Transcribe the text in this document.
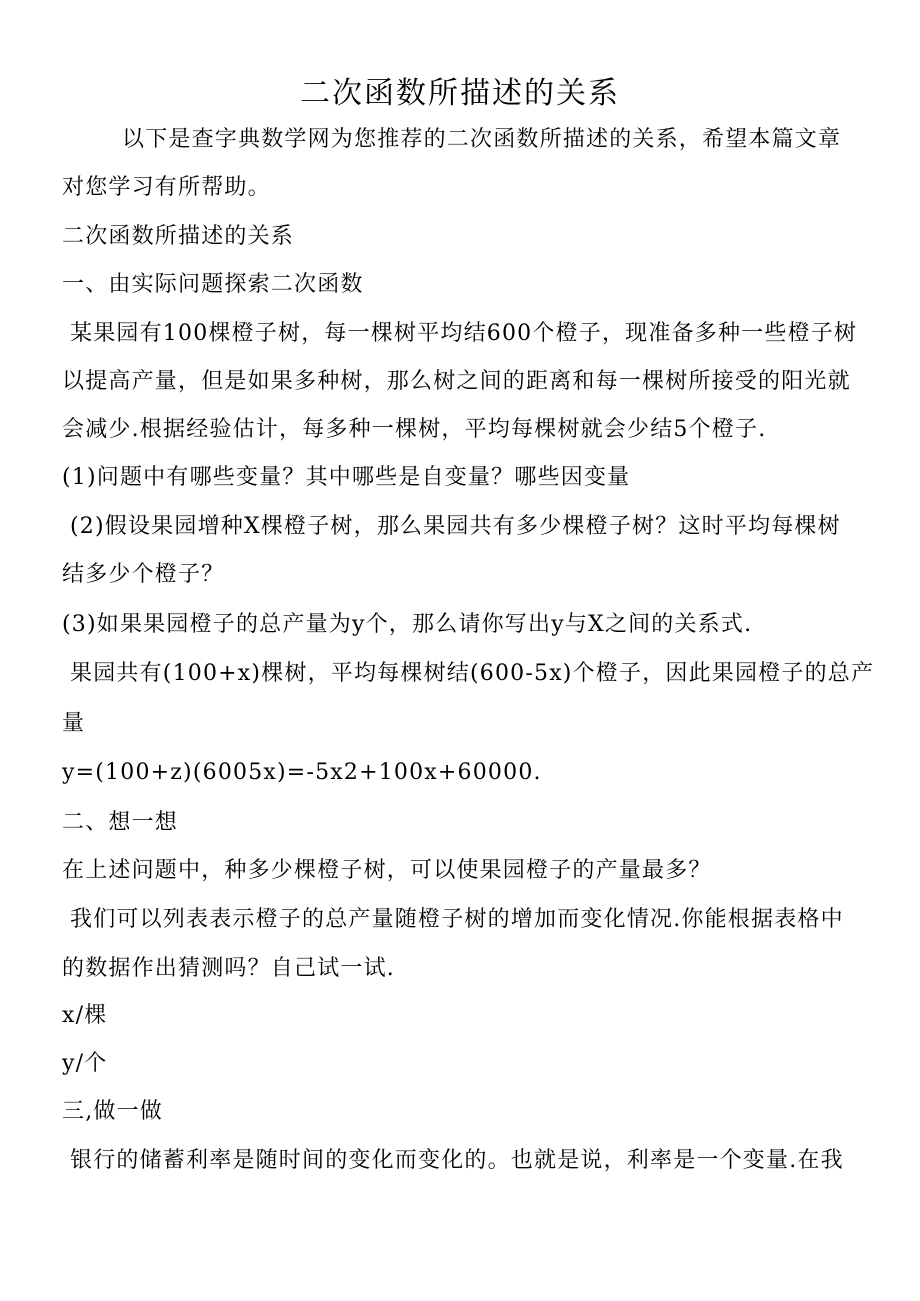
二次函数所描述的关系
以下是查字典数学网为您推荐的二次函数所描述的关系，希望本篇文章
对您学习有所帮助。
二次函数所描述的关系
一、由实际问题探索二次函数
某果园有100棵橙子树，每一棵树平均结600个橙子，现准备多种一些橙子树
以提高产量，但是如果多种树，那么树之间的距离和每一棵树所接受的阳光就
会减少.根据经验估计，每多种一棵树，平均每棵树就会少结5个橙子.
(1)问题中有哪些变量？其中哪些是自变量？哪些因变量
(2)假设果园增种X棵橙子树，那么果园共有多少棵橙子树？这时平均每棵树
结多少个橙子？
(3)如果果园橙子的总产量为y个，那么请你写出y与X之间的关系式.
果园共有(100+x)棵树，平均每棵树结(600-5x)个橙子，因此果园橙子的总产
量
y=(100+z)(6005x)=-5x2+100x+60000.
二、想一想
在上述问题中，种多少棵橙子树，可以使果园橙子的产量最多？
我们可以列表表示橙子的总产量随橙子树的增加而变化情况.你能根据表格中
的数据作出猜测吗？自己试一试.
x/棵
y/个
三,做一做
银行的储蓄利率是随时间的变化而变化的。也就是说，利率是一个变量.在我
